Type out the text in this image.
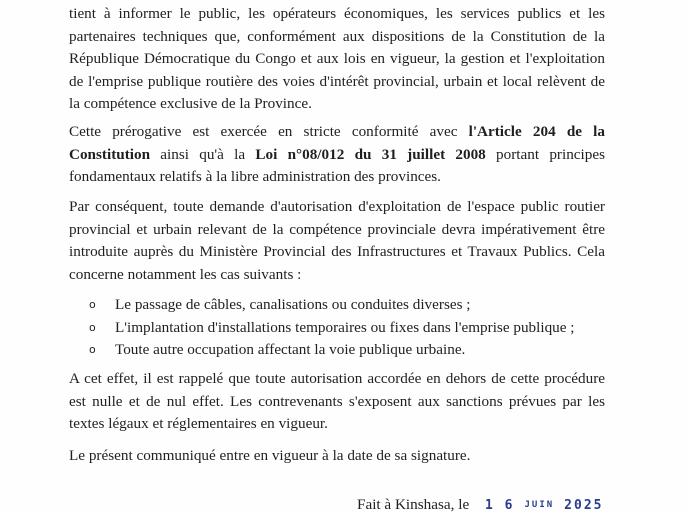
tient à informer le public, les opérateurs économiques, les services publics et les partenaires techniques que, conformément aux dispositions de la Constitution de la République Démocratique du Congo et aux lois en vigueur, la gestion et l'exploitation de l'emprise publique routière des voies d'intérêt provincial, urbain et local relèvent de la compétence exclusive de la Province.

Cette prérogative est exercée en stricte conformité avec l'Article 204 de la Constitution ainsi qu'à la Loi n°08/012 du 31 juillet 2008 portant principes fondamentaux relatifs à la libre administration des provinces.

Par conséquent, toute demande d'autorisation d'exploitation de l'espace public routier provincial et urbain relevant de la compétence provinciale devra impérativement être introduite auprès du Ministère Provincial des Infrastructures et Travaux Publics. Cela concerne notamment les cas suivants :

o Le passage de câbles, canalisations ou conduites diverses ;
o L'implantation d'installations temporaires ou fixes dans l'emprise publique ;
o Toute autre occupation affectant la voie publique urbaine.

A cet effet, il est rappelé que toute autorisation accordée en dehors de cette procédure est nulle et de nul effet. Les contrevenants s'exposent aux sanctions prévues par les textes légaux et réglementaires en vigueur.

Le présent communiqué entre en vigueur à la date de sa signature.

Fait à Kinshasa, le 1 6 JUIN 2025
